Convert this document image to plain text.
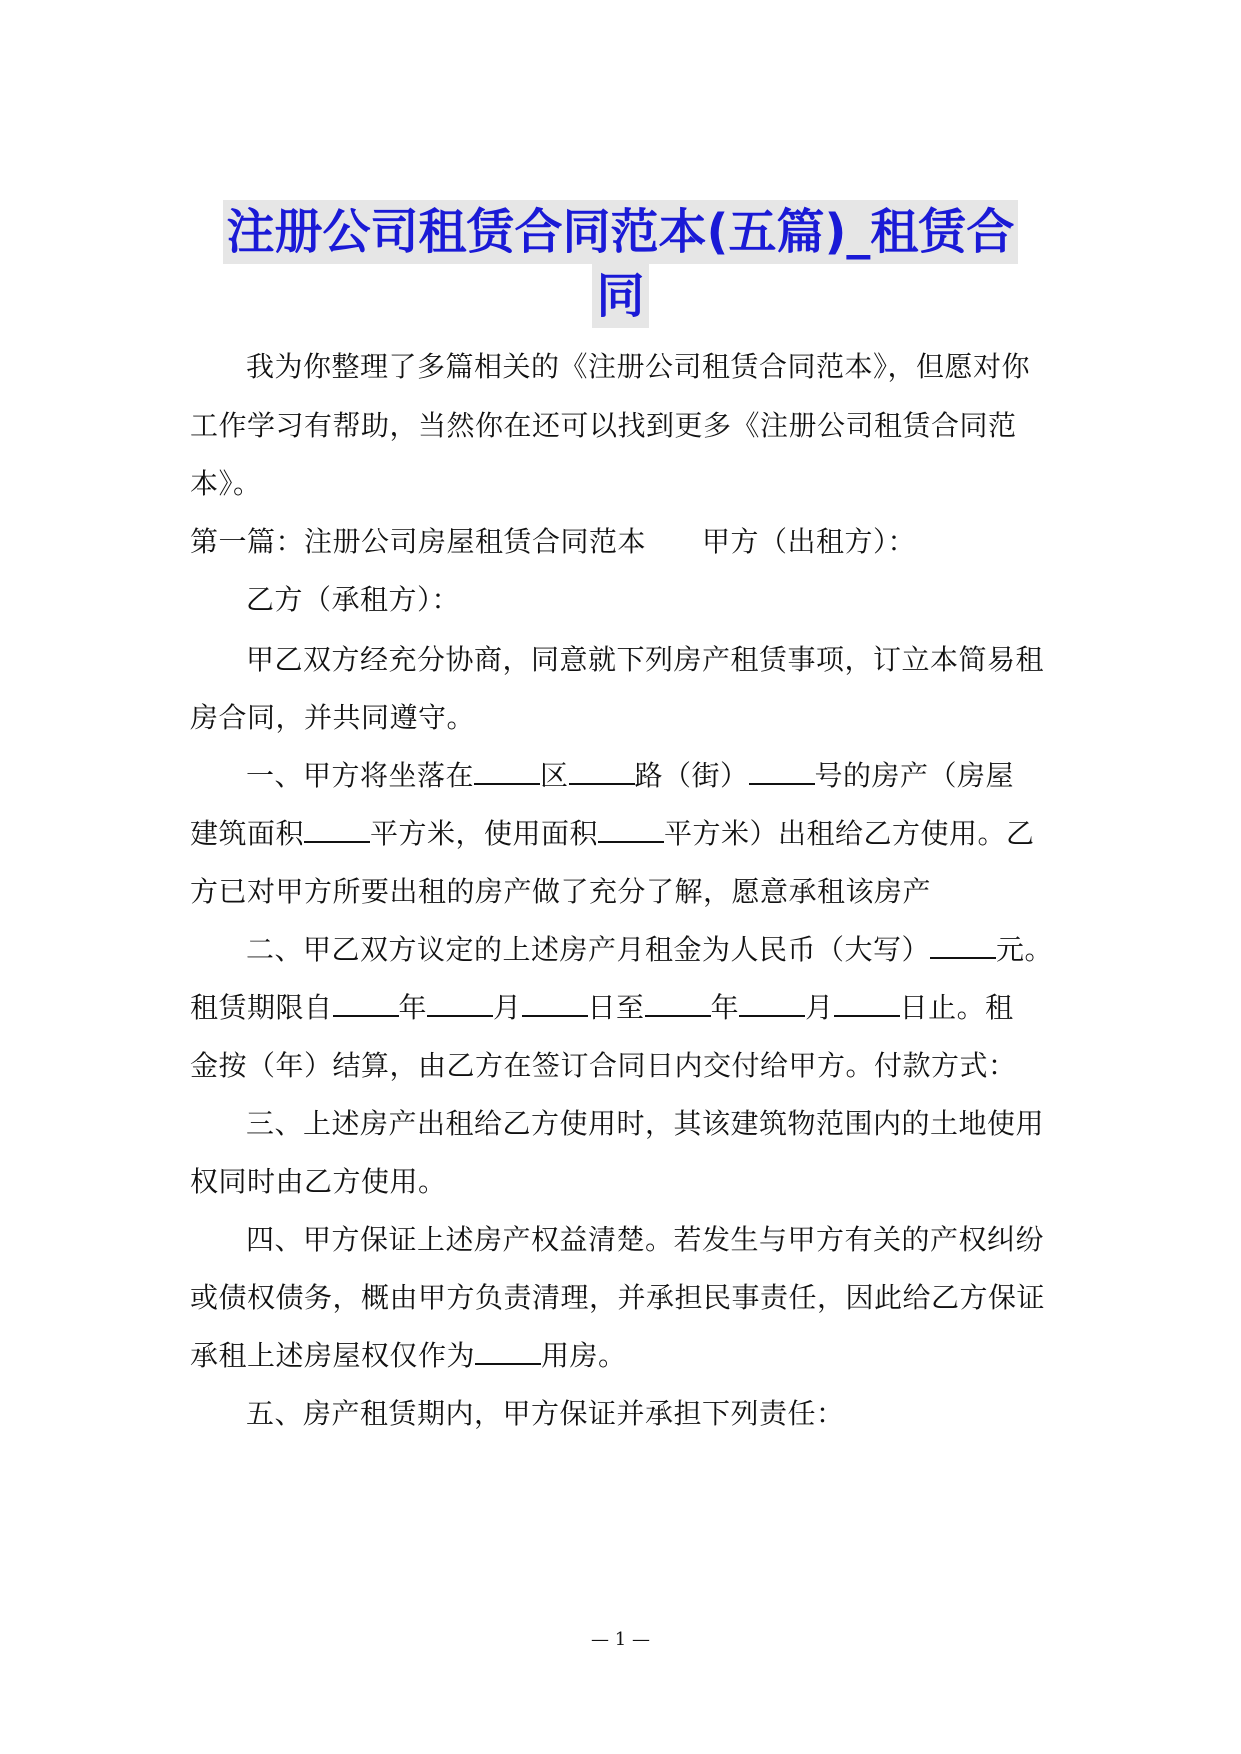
注册公司租赁合同范本(五篇)_租赁合
同
我为你整理了多篇相关的《注册公司租赁合同范本》，但愿对你
工作学习有帮助，当然你在还可以找到更多《注册公司租赁合同范
本》。
第一篇：注册公司房屋租赁合同范本 甲方（出租方）：
乙方（承租方）：
甲乙双方经充分协商，同意就下列房产租赁事项，订立本简易租
房合同，并共同遵守。
一、甲方将坐落在 区 路（街） 号的房产（房屋
建筑面积 平方米，使用面积 平方米）出租给乙方使用。乙
方已对甲方所要出租的房产做了充分了解，愿意承租该房产
二、甲乙双方议定的上述房产月租金为人民币（大写） 元。
租赁期限自 年 月 日至 年 月 日止。租
金按（年）结算，由乙方在签订合同日内交付给甲方。付款方式：
三、上述房产出租给乙方使用时，其该建筑物范围内的土地使用
权同时由乙方使用。
四、甲方保证上述房产权益清楚。若发生与甲方有关的产权纠纷
或债权债务，概由甲方负责清理，并承担民事责任，因此给乙方保证
承租上述房屋权仅作为 用房。
五、房产租赁期内，甲方保证并承担下列责任：
— 1 —
